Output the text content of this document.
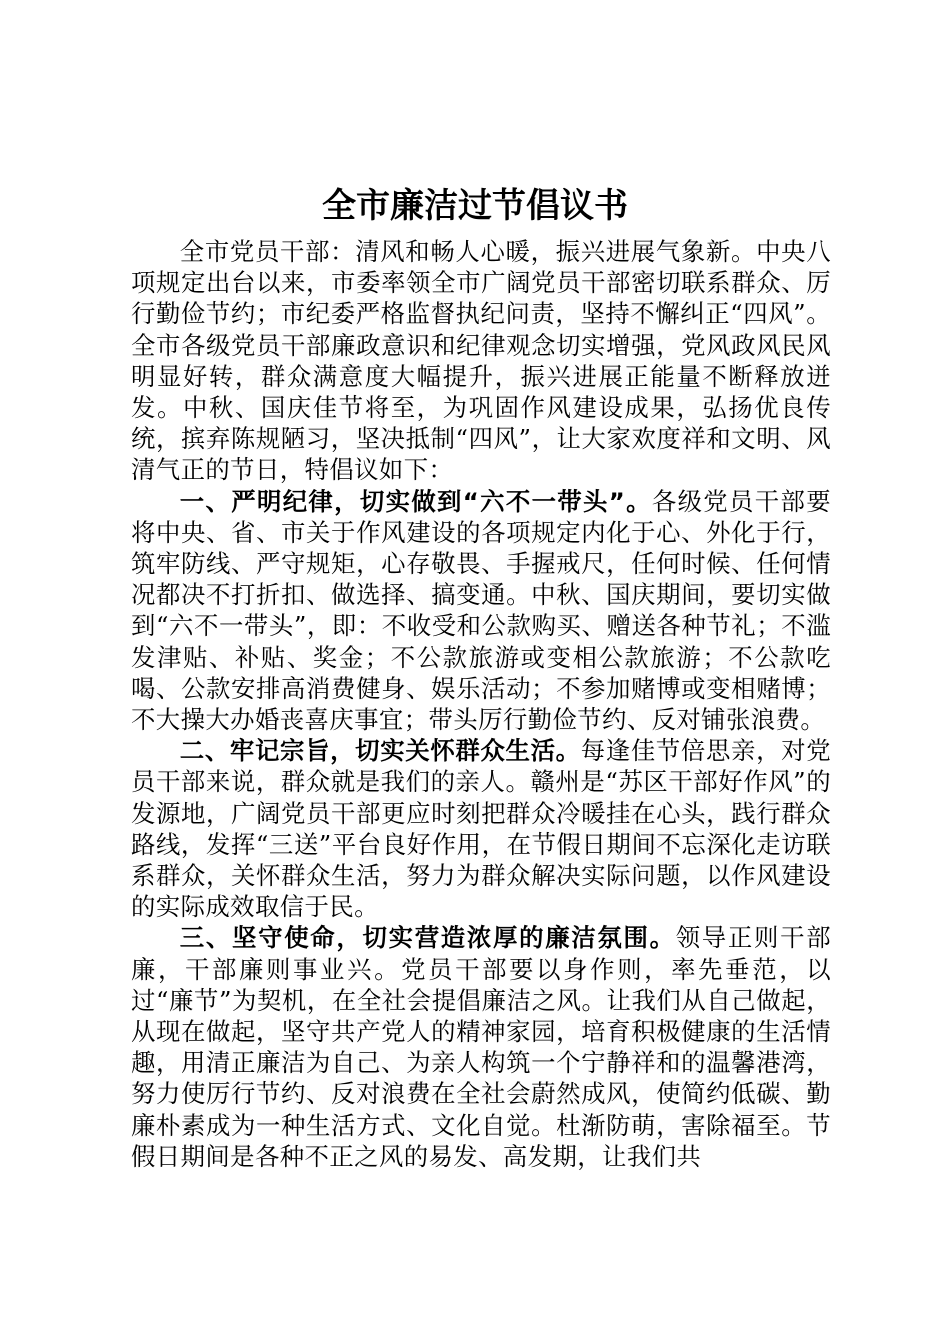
全市廉洁过节倡议书

全市党员干部：清风和畅人心暖，振兴进展气象新。中央八项规定出台以来，市委率领全市广阔党员干部密切联系群众、厉行勤俭节约；市纪委严格监督执纪问责，坚持不懈纠正“四风”。全市各级党员干部廉政意识和纪律观念切实增强，党风政风民风明显好转，群众满意度大幅提升，振兴进展正能量不断释放迸发。中秋、国庆佳节将至，为巩固作风建设成果，弘扬优良传统，摈弃陈规陋习，坚决抵制“四风”，让大家欢度祥和文明、风清气正的节日，特倡议如下：

一、严明纪律，切实做到“六不一带头”。各级党员干部要将中央、省、市关于作风建设的各项规定内化于心、外化于行，筑牢防线、严守规矩，心存敬畏、手握戒尺，任何时候、任何情况都决不打折扣、做选择、搞变通。中秋、国庆期间，要切实做到“六不一带头”，即：不收受和公款购买、赠送各种节礼；不滥发津贴、补贴、奖金；不公款旅游或变相公款旅游；不公款吃喝、公款安排高消费健身、娱乐活动；不参加赌博或变相赌博；不大操大办婚丧喜庆事宜；带头厉行勤俭节约、反对铺张浪费。

二、牢记宗旨，切实关怀群众生活。每逢佳节倍思亲，对党员干部来说，群众就是我们的亲人。赣州是“苏区干部好作风”的发源地，广阔党员干部更应时刻把群众冷暖挂在心头，践行群众路线，发挥“三送”平台良好作用，在节假日期间不忘深化走访联系群众，关怀群众生活，努力为群众解决实际问题，以作风建设的实际成效取信于民。

三、坚守使命，切实营造浓厚的廉洁氛围。领导正则干部廉，干部廉则事业兴。党员干部要以身作则，率先垂范，以过“廉节”为契机，在全社会提倡廉洁之风。让我们从自己做起，从现在做起，坚守共产党人的精神家园，培育积极健康的生活情趣，用清正廉洁为自己、为亲人构筑一个宁静祥和的温馨港湾，努力使厉行节约、反对浪费在全社会蔚然成风，使简约低碳、勤廉朴素成为一种生活方式、文化自觉。杜渐防萌，害除福至。节假日期间是各种不正之风的易发、高发期，让我们共
